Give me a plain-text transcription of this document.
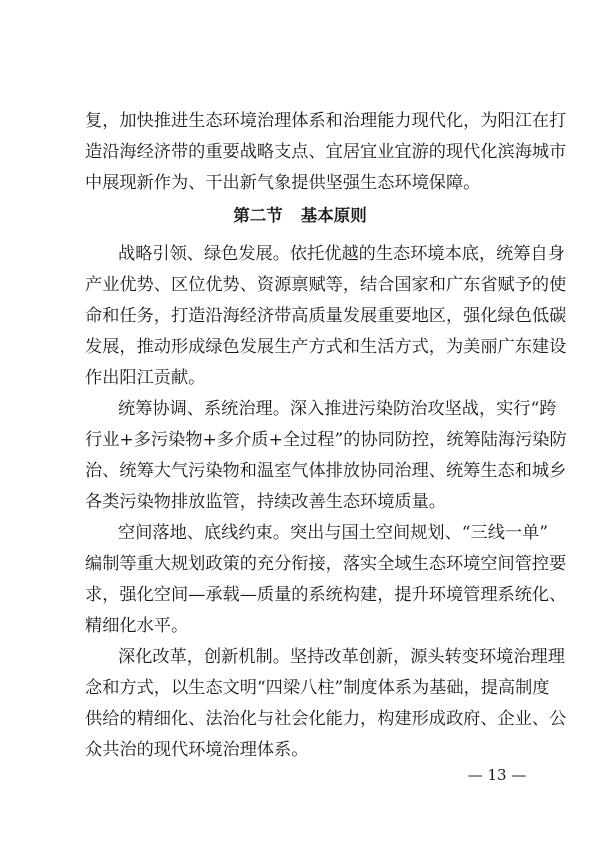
复，加快推进生态环境治理体系和治理能力现代化，为阳江在打
造沿海经济带的重要战略支点、宜居宜业宜游的现代化滨海城市
中展现新作为、干出新气象提供坚强生态环境保障。
第二节 基本原则
战略引领、绿色发展。依托优越的生态环境本底，统筹自身
产业优势、区位优势、资源禀赋等，结合国家和广东省赋予的使
命和任务，打造沿海经济带高质量发展重要地区，强化绿色低碳
发展，推动形成绿色发展生产方式和生活方式，为美丽广东建设
作出阳江贡献。
统筹协调、系统治理。深入推进污染防治攻坚战，实行“跨
行业+多污染物+多介质+全过程”的协同防控，统筹陆海污染防
治、统筹大气污染物和温室气体排放协同治理、统筹生态和城乡
各类污染物排放监管，持续改善生态环境质量。
空间落地、底线约束。突出与国土空间规划、“三线一单”
编制等重大规划政策的充分衔接，落实全域生态环境空间管控要
求，强化空间—承载—质量的系统构建，提升环境管理系统化、
精细化水平。
深化改革，创新机制。坚持改革创新，源头转变环境治理理
念和方式，以生态文明“四梁八柱”制度体系为基础，提高制度
供给的精细化、法治化与社会化能力，构建形成政府、企业、公
众共治的现代环境治理体系。
— 13 —
